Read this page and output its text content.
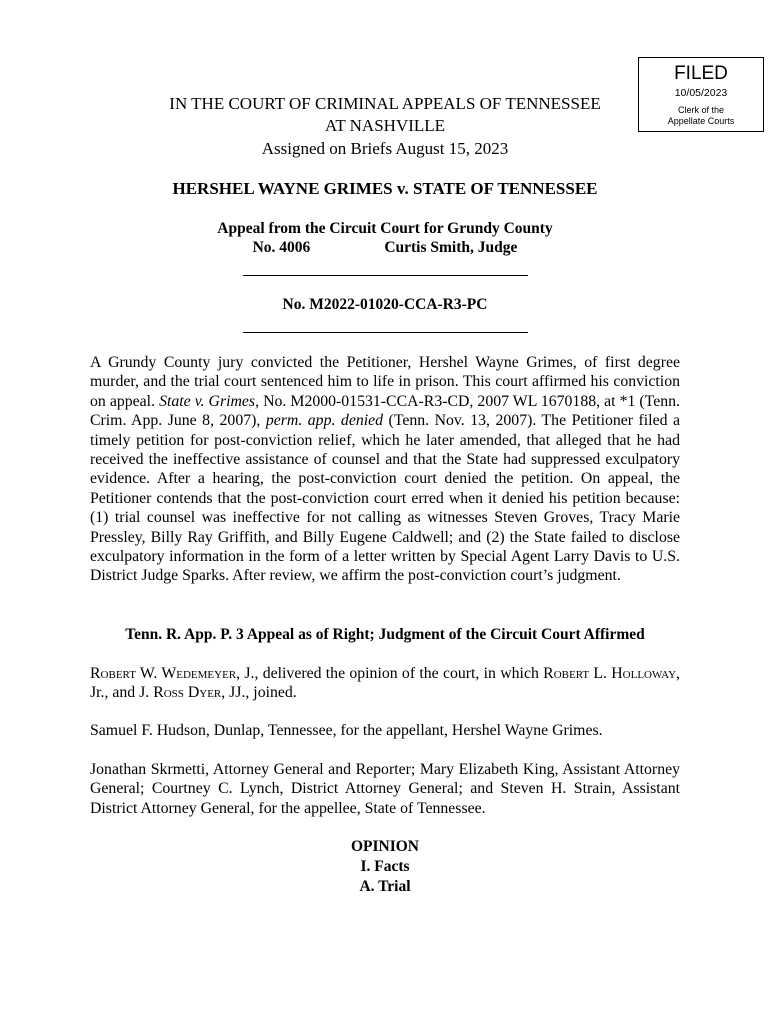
FILED
10/05/2023
Clerk of the
Appellate Courts
IN THE COURT OF CRIMINAL APPEALS OF TENNESSEE
AT NASHVILLE
Assigned on Briefs August 15, 2023
HERSHEL WAYNE GRIMES v. STATE OF TENNESSEE
Appeal from the Circuit Court for Grundy County
No. 4006	Curtis Smith, Judge
No. M2022-01020-CCA-R3-PC
A Grundy County jury convicted the Petitioner, Hershel Wayne Grimes, of first degree murder, and the trial court sentenced him to life in prison. This court affirmed his conviction on appeal. State v. Grimes, No. M2000-01531-CCA-R3-CD, 2007 WL 1670188, at *1 (Tenn. Crim. App. June 8, 2007), perm. app. denied (Tenn. Nov. 13, 2007). The Petitioner filed a timely petition for post-conviction relief, which he later amended, that alleged that he had received the ineffective assistance of counsel and that the State had suppressed exculpatory evidence. After a hearing, the post-conviction court denied the petition. On appeal, the Petitioner contends that the post-conviction court erred when it denied his petition because: (1) trial counsel was ineffective for not calling as witnesses Steven Groves, Tracy Marie Pressley, Billy Ray Griffith, and Billy Eugene Caldwell; and (2) the State failed to disclose exculpatory information in the form of a letter written by Special Agent Larry Davis to U.S. District Judge Sparks. After review, we affirm the post-conviction court’s judgment.
Tenn. R. App. P. 3 Appeal as of Right; Judgment of the Circuit Court Affirmed
Robert W. Wedemeyer, J., delivered the opinion of the court, in which Robert L. Holloway, Jr., and J. Ross Dyer, JJ., joined.
Samuel F. Hudson, Dunlap, Tennessee, for the appellant, Hershel Wayne Grimes.
Jonathan Skrmetti, Attorney General and Reporter; Mary Elizabeth King, Assistant Attorney General; Courtney C. Lynch, District Attorney General; and Steven H. Strain, Assistant District Attorney General, for the appellee, State of Tennessee.
OPINION
I. Facts
A. Trial
